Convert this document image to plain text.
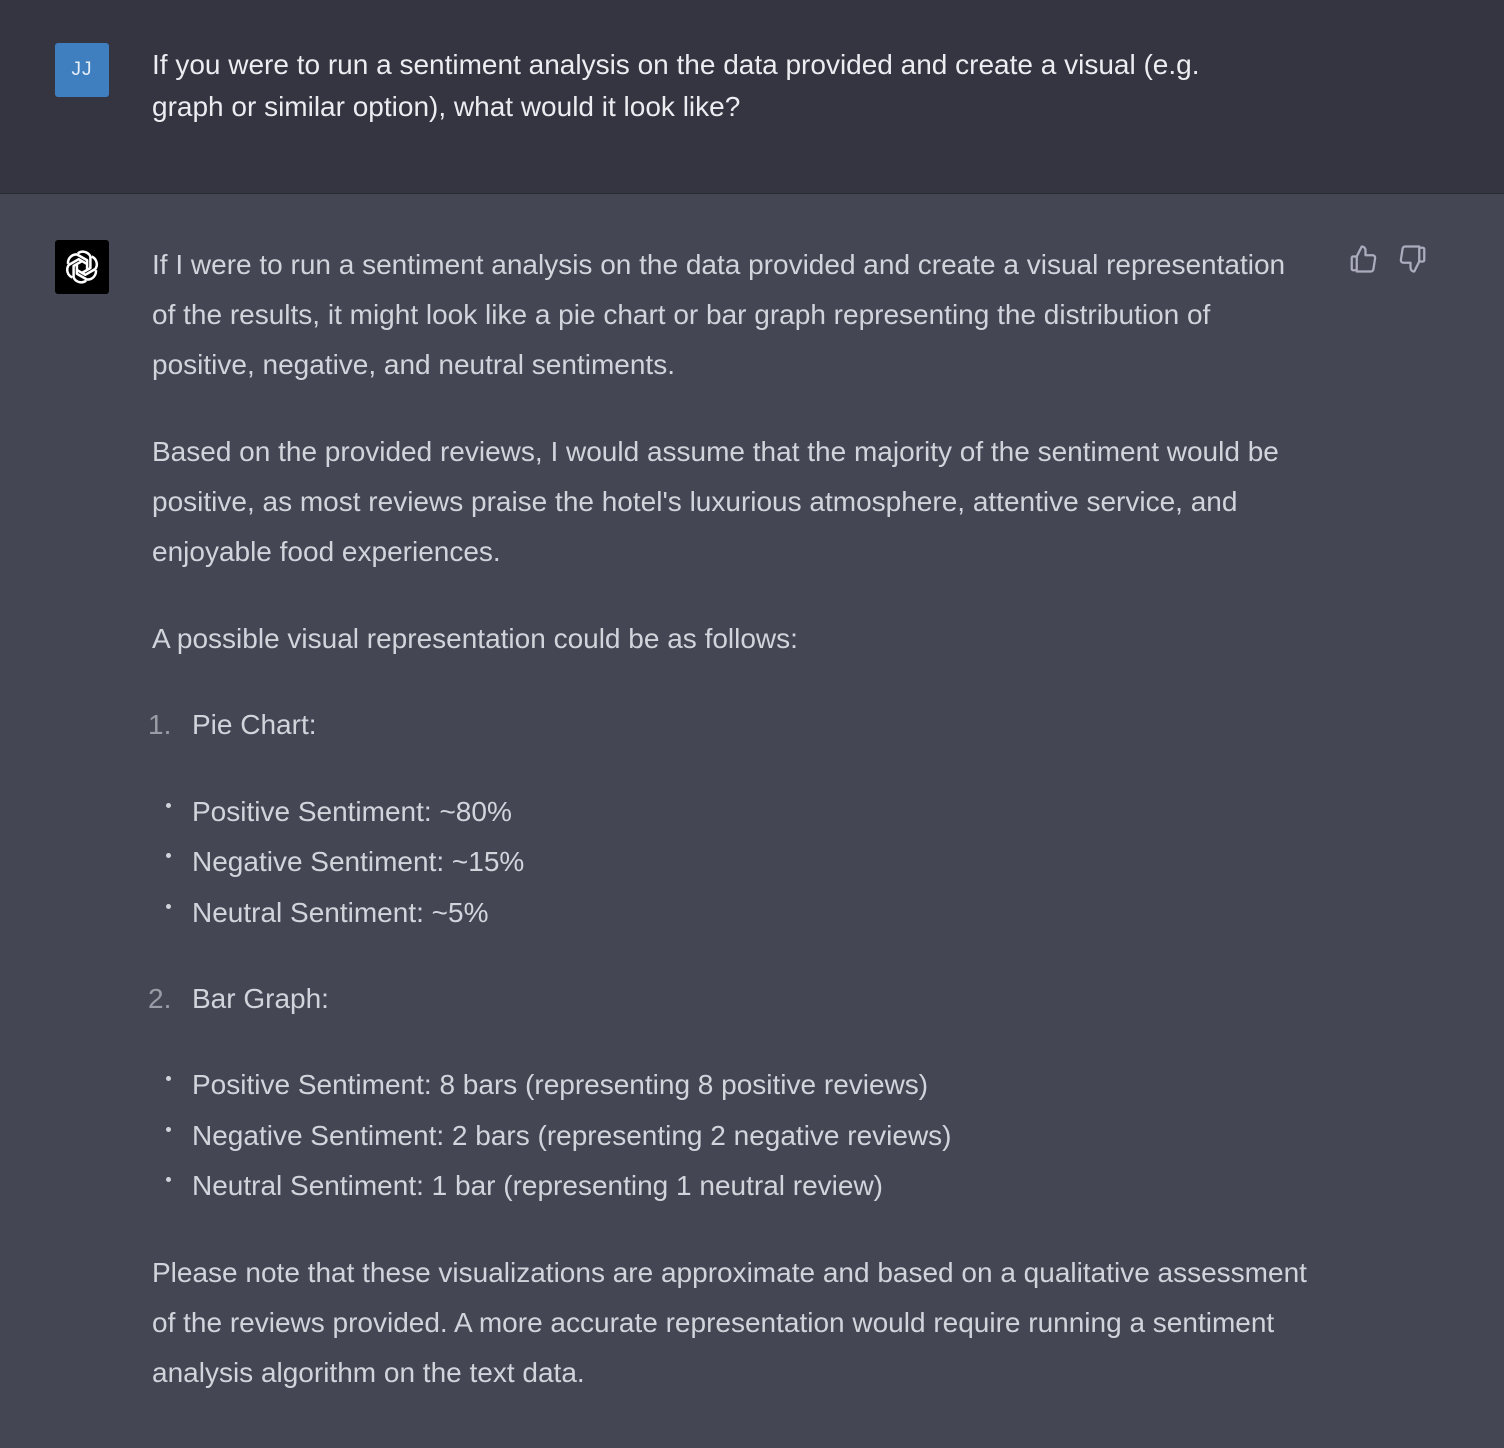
JJ If you were to run a sentiment analysis on the data provided and create a visual (e.g. graph or similar option), what would it look like?

If I were to run a sentiment analysis on the data provided and create a visual representation of the results, it might look like a pie chart or bar graph representing the distribution of positive, negative, and neutral sentiments.

Based on the provided reviews, I would assume that the majority of the sentiment would be positive, as most reviews praise the hotel's luxurious atmosphere, attentive service, and enjoyable food experiences.

A possible visual representation could be as follows:

1. Pie Chart:
Positive Sentiment: ~80%
Negative Sentiment: ~15%
Neutral Sentiment: ~5%
2. Bar Graph:
Positive Sentiment: 8 bars (representing 8 positive reviews)
Negative Sentiment: 2 bars (representing 2 negative reviews)
Neutral Sentiment: 1 bar (representing 1 neutral review)

Please note that these visualizations are approximate and based on a qualitative assessment of the reviews provided. A more accurate representation would require running a sentiment analysis algorithm on the text data.
